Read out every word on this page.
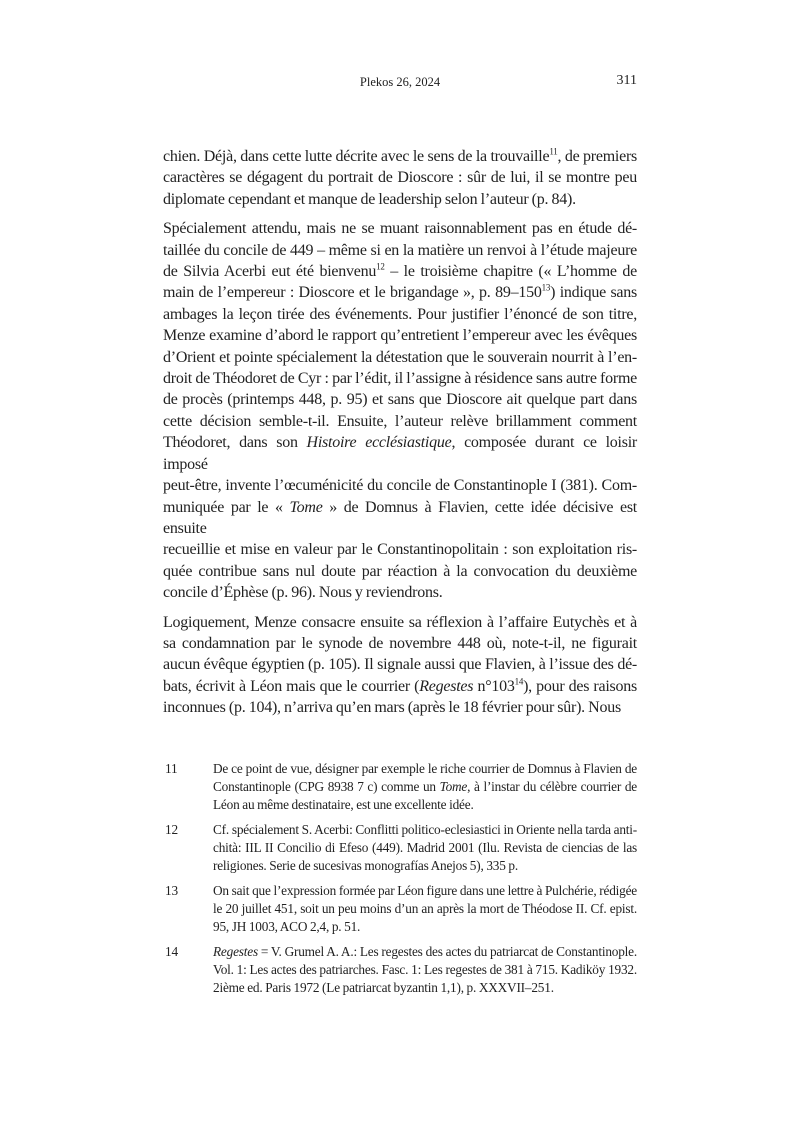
Plekos 26, 2024	311
chien. Déjà, dans cette lutte décrite avec le sens de la trouvaille$^{11}$, de premiers
caractères se dégagent du portrait de Dioscore : sûr de lui, il se montre peu
diplomate cependant et manque de leadership selon l’auteur (p. 84).
Spécialement attendu, mais ne se muant raisonnablement pas en étude dé-
taillée du concile de 449 – même si en la matière un renvoi à l’étude majeure
de Silvia Acerbi eut été bienvenu$^{12}$ – le troisième chapitre (« L’homme de
main de l’empereur : Dioscore et le brigandage », p. $89-150^{13}$) indique sans
ambages la leçon tirée des événements. Pour justifier l’énoncé de son titre,
Menze examine d’abord le rapport qu’entretient l’empereur avec les évêques
d’Orient et pointe spécialement la détestation que le souverain nourrit à l’en-
droit de Théodoret de Cyr : par l’édit, il l’assigne à résidence sans autre forme
de procès (printemps 448, p. 95) et sans que Dioscore ait quelque part dans
cette décision semble-t-il. Ensuite, l’auteur relève brillamment comment
Théodoret, dans son Histoire ecclésiastique, composée durant ce loisir imposé
peut-être, invente l’œcuménicité du concile de Constantinople I (381). Com-
muniquée par le « Tome » de Domnus à Flavien, cette idée décisive est ensuite
recueillie et mise en valeur par le Constantinopolitain : son exploitation ris-
quée contribue sans nul doute par réaction à la convocation du deuxième
concile d’Éphèse (p. 96). Nous y reviendrons.
Logiquement, Menze consacre ensuite sa réflexion à l’affaire Eutychès et à
sa condamnation par le synode de novembre 448 où, note-t-il, ne figurait
aucun évêque égyptien (p. 105). Il signale aussi que Flavien, à l’issue des dé-
bats, écrivit à Léon mais que le courrier (Regestes $n^\circ 103^{14}$), pour des raisons
inconnues (p. 104), n’arriva qu’en mars (après le 18 février pour sûr). Nous
11	De ce point de vue, désigner par exemple le riche courrier de Domnus à Flavien de
Constantinople (CPG 8938 7 c) comme un Tome, à l’instar du célèbre courrier de
Léon au même destinataire, est une excellente idée.
12	Cf. spécialement S. Acerbi: Conflitti politico-eclesiastici in Oriente nella tarda anti-
chità: IIL II Concilio di Efeso (449). Madrid 2001 (Ilu. Revista de ciencias de las
religiones. Serie de sucesivas monografías Anejos 5), 335 p.
13	On sait que l’expression formée par Léon figure dans une lettre à Pulchérie, rédigée
le 20 juillet 451, soit un peu moins d’un an après la mort de Théodose II. Cf. epist.
95, JH 1003, ACO 2,4, p. 51.
14	Regestes = V. Grumel A. A.: Les regestes des actes du patriarcat de Constantinople.
Vol. 1: Les actes des patriarches. Fasc. 1: Les regestes de 381 à 715. Kadiköy 1932.
2ième ed. Paris 1972 (Le patriarcat byzantin 1,1), p. XXXVII–251.
